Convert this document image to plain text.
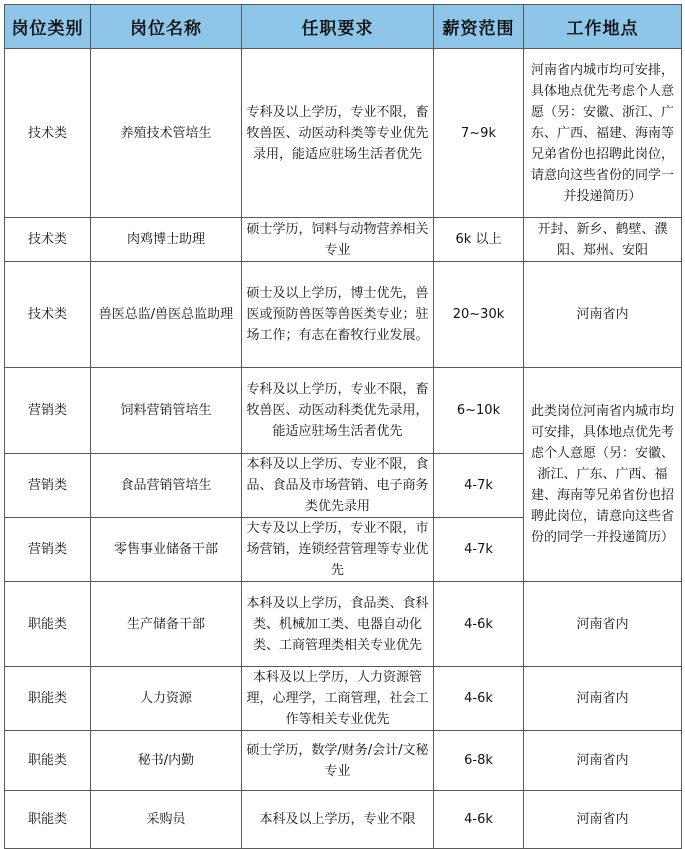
岗位类别	岗位名称	任职要求	薪资范围	工作地点
技术类	养殖技术管培生	专科及以上学历，专业不限，畜牧兽医、动医动科类等专业优先录用，能适应驻场生活者优先	7~9k	河南省内城市均可安排，具体地点优先考虑个人意愿（另：安徽、浙江、广东、广西、福建、海南等兄弟省份也招聘此岗位，请意向这些省份的同学一并投递简历）
技术类	肉鸡博士助理	硕士学历，饲料与动物营养相关专业	6k 以上	开封、新乡、鹤壁、濮阳、郑州、安阳
技术类	兽医总监/兽医总监助理	硕士及以上学历，博士优先，兽医或预防兽医等兽医类专业；驻场工作；有志在畜牧行业发展。	20~30k	河南省内
营销类	饲料营销管培生	专科及以上学历，专业不限，畜牧兽医、动医动科类优先录用，能适应驻场生活者优先	6~10k	此类岗位河南省内城市均可安排，具体地点优先考虑个人意愿（另：安徽、浙江、广东、广西、福建、海南等兄弟省份也招聘此岗位，请意向这些省份的同学一并投递简历）
营销类	食品营销管培生	本科及以上学历、专业不限，食品、食品及市场营销、电子商务类优先录用	4-7k	
营销类	零售事业储备干部	大专及以上学历，专业不限，市场营销，连锁经营管理等专业优先	4-7k	
职能类	生产储备干部	本科及以上学历，食品类、食科类、机械加工类、电器自动化类、工商管理类相关专业优先	4-6k	河南省内
职能类	人力资源	本科及以上学历，人力资源管理，心理学，工商管理，社会工作等相关专业优先	4-6k	河南省内
职能类	秘书/内勤	硕士学历，数学/财务/会计/文秘专业	6-8k	河南省内
职能类	采购员	本科及以上学历，专业不限	4-6k	河南省内
